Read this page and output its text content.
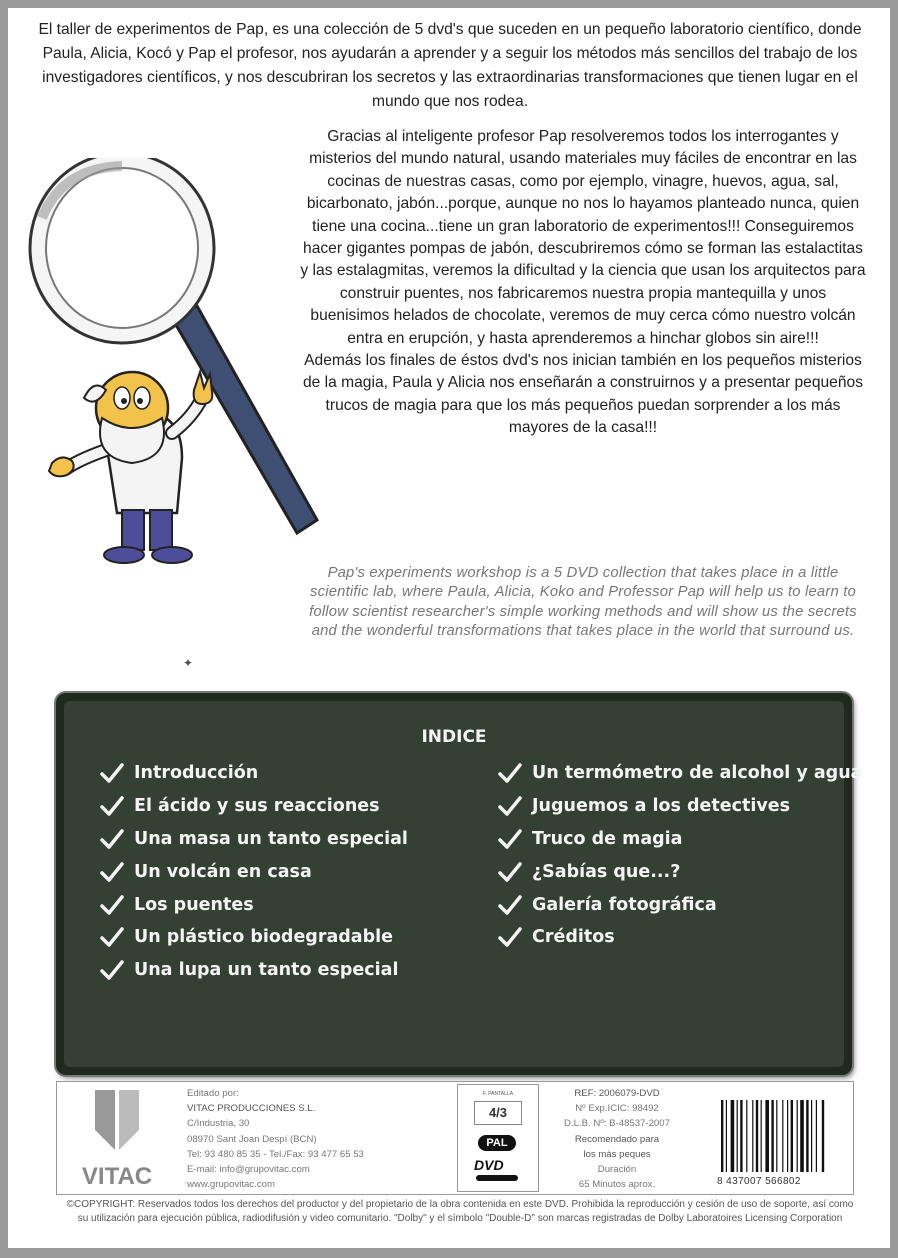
El taller de experimentos de Pap, es una colección de 5 dvd's que suceden en un pequeño laboratorio científico, donde Paula, Alicia, Kocó y Pap el profesor, nos ayudarán a aprender y a seguir los métodos más sencillos del trabajo de los investigadores científicos, y nos descubriran los secretos y las extraordinarias transformaciones que tienen lugar en el mundo que nos rodea.

Gracias al inteligente profesor Pap resolveremos todos los interrogantes y misterios del mundo natural, usando materiales muy fáciles de encontrar en las cocinas de nuestras casas, como por ejemplo, vinagre, huevos, agua, sal, bicarbonato, jabón...porque, aunque no nos lo hayamos planteado nunca, quien tiene una cocina...tiene un gran laboratorio de experimentos!!! Conseguiremos hacer gigantes pompas de jabón, descubriremos cómo se forman las estalactitas y las estalagmitas, veremos la dificultad y la ciencia que usan los arquitectos para construir puentes, nos fabricaremos nuestra propia mantequilla y unos buenisimos helados de chocolate, veremos de muy cerca cómo nuestro volcán entra en erupción, y hasta aprenderemos a hinchar globos sin aire!!!
Además los finales de éstos dvd's nos inician también en los pequeños misterios de la magia, Paula y Alicia nos enseñarán a construirnos y a presentar pequeños trucos de magia para que los más pequeños puedan sorprender a los más mayores de la casa!!!
Pap's experiments workshop is a 5 DVD collection that takes place in a little scientific lab, where Paula, Alicia, Koko and Professor Pap will help us to learn to follow scientist researcher's simple working methods and will show us the secrets and the wonderful transformations that takes place in the world that surround us.
✦
INDICE
Introducción
El ácido y sus reacciones
Una masa un tanto especial
Un volcán en casa
Los puentes
Un plástico biodegradable
Una lupa un tanto especial
Un termómetro de alcohol y agua
Juguemos a los detectives
Truco de magia
¿Sabías que...?
Galería fotográfica
Créditos
VITAC
Editado por:
VITAC PRODUCCIONES S.L.
C/Industria, 30
08970 Sant Joan Despí (BCN)
Tel: 93 480 85 35 - Tel./Fax: 93 477 65 53
E-mail: info@grupovitac.com
www.grupovitac.com
F. PANTALLA
4/3
PAL
DVD
REF: 2006079-DVD
Nº Exp.ICIC: 98492
D.L.B. Nº: B-48537-2007
Recomendado para
los más peques
Duración
65 Minutos aprox.	8 437007 566802
©COPYRIGHT: Reservados todos los derechos del productor y del propietario de la obra contenida en este DVD. Prohibida la reproducción y cesión de uso de soporte, así como su utilización para ejecución pública, radiodifusión y video comunitario. "Dolby" y el símbolo "Double-D" son marcas registradas de Dolby Laboratoires Licensing Corporation
